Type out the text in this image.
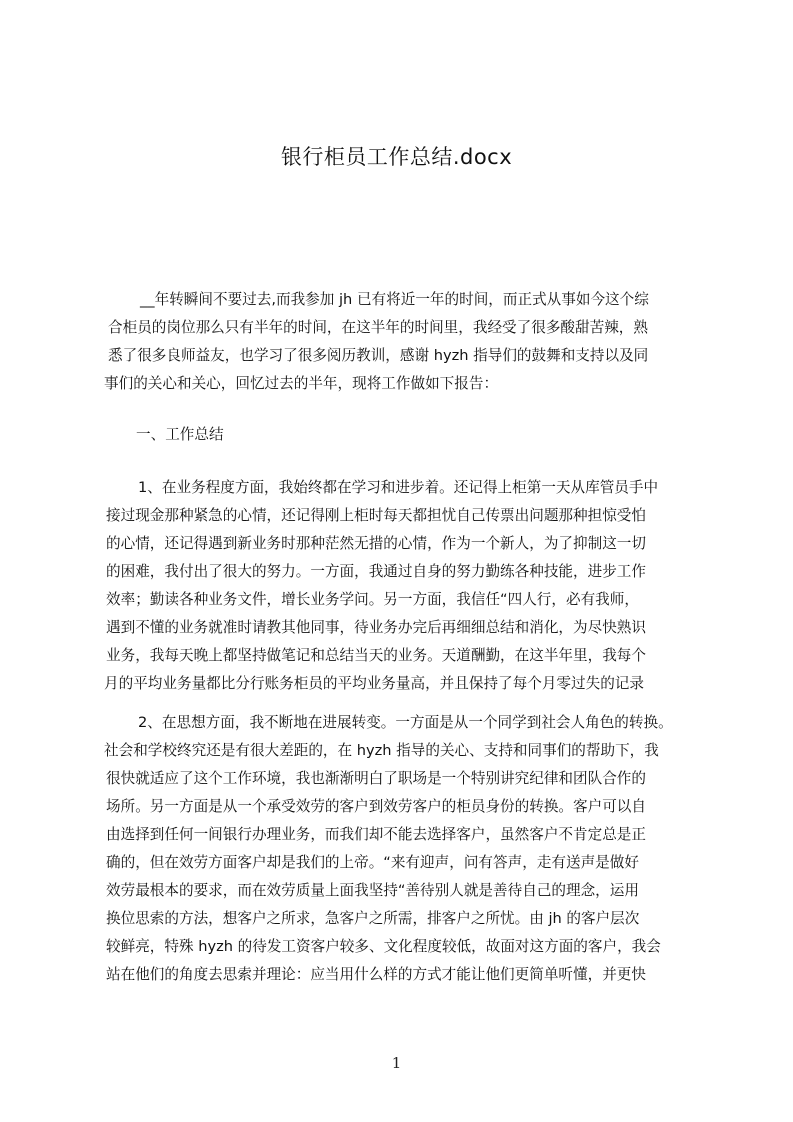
银行柜员工作总结.docx
__年转瞬间不要过去,而我参加 jh 已有将近一年的时间，而正式从事如今这个综
合柜员的岗位那么只有半年的时间，在这半年的时间里，我经受了很多酸甜苦辣，熟
悉了很多良师益友，也学习了很多阅历教训，感谢 hyzh 指导们的鼓舞和支持以及同
事们的关心和关心，回忆过去的半年，现将工作做如下报告：
一、工作总结
1、在业务程度方面，我始终都在学习和进步着。还记得上柜第一天从库管员手中
接过现金那种紧急的心情，还记得刚上柜时每天都担忧自己传票出问题那种担惊受怕
的心情，还记得遇到新业务时那种茫然无措的心情，作为一个新人，为了抑制这一切
的困难，我付出了很大的努力。一方面，我通过自身的努力勤练各种技能，进步工作
效率；勤读各种业务文件，增长业务学问。另一方面，我信任“四人行，必有我师，
遇到不懂的业务就准时请教其他同事，待业务办完后再细细总结和消化，为尽快熟识
业务，我每天晚上都坚持做笔记和总结当天的业务。天道酬勤，在这半年里，我每个
月的平均业务量都比分行账务柜员的平均业务量高，并且保持了每个月零过失的记录
2、在思想方面，我不断地在进展转变。一方面是从一个同学到社会人角色的转换。
社会和学校终究还是有很大差距的，在 hyzh 指导的关心、支持和同事们的帮助下，我
很快就适应了这个工作环境，我也渐渐明白了职场是一个特别讲究纪律和团队合作的
场所。另一方面是从一个承受效劳的客户到效劳客户的柜员身份的转换。客户可以自
由选择到任何一间银行办理业务，而我们却不能去选择客户，虽然客户不肯定总是正
确的，但在效劳方面客户却是我们的上帝。“来有迎声，问有答声，走有送声是做好
效劳最根本的要求，而在效劳质量上面我坚持“善待别人就是善待自己的理念，运用
换位思索的方法，想客户之所求，急客户之所需，排客户之所忧。由 jh 的客户层次
较鲜亮，特殊 hyzh 的待发工资客户较多、文化程度较低，故面对这方面的客户，我会
站在他们的角度去思索并理论：应当用什么样的方式才能让他们更简单听懂，并更快
1
